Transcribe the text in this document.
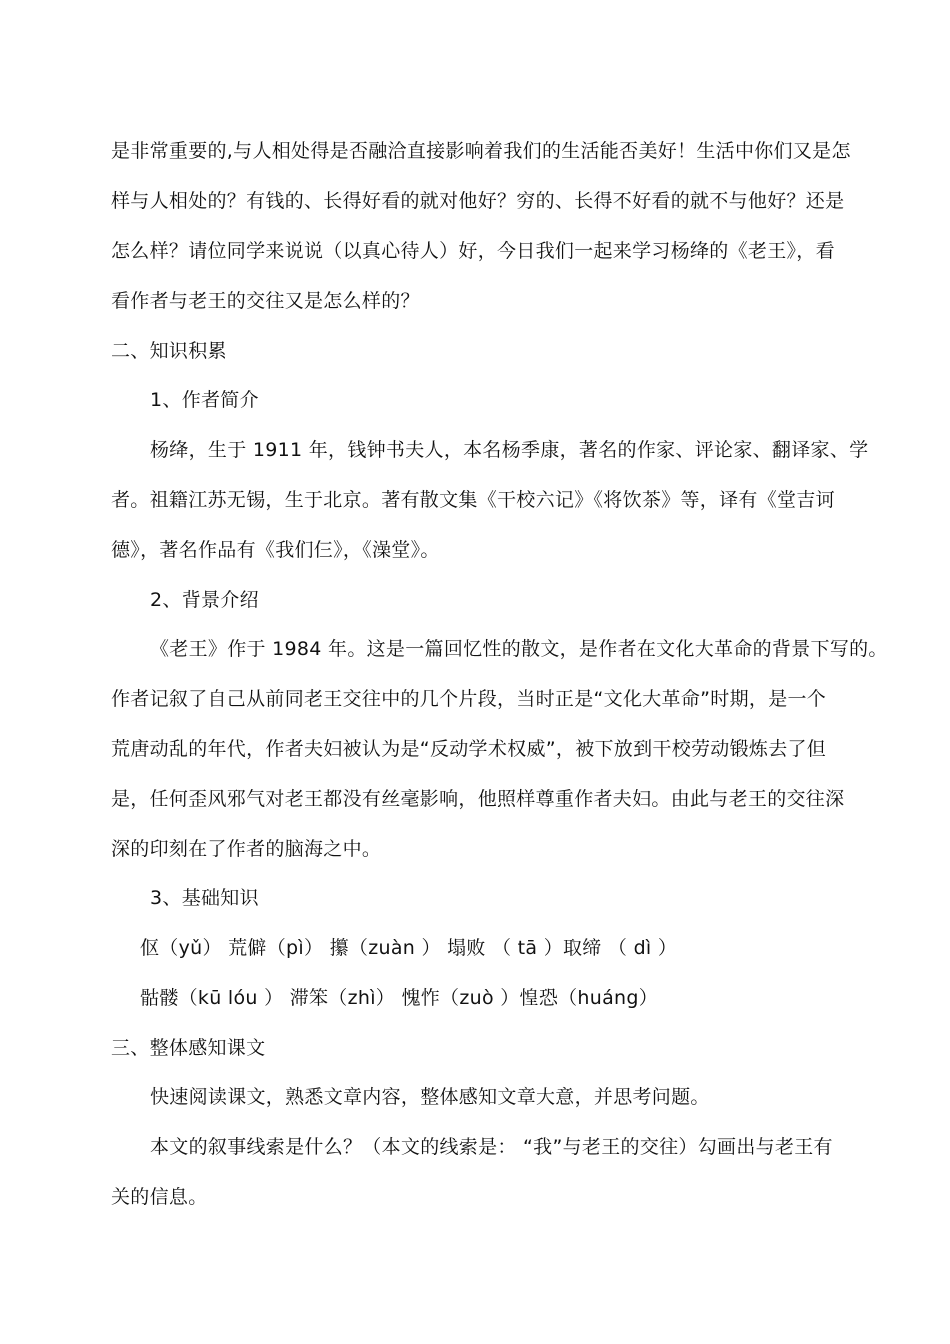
是非常重要的,与人相处得是否融洽直接影响着我们的生活能否美好！生活中你们又是怎
样与人相处的？有钱的、长得好看的就对他好？穷的、长得不好看的就不与他好？还是
怎么样？请位同学来说说（以真心待人）好，今日我们一起来学习杨绛的《老王》，看
看作者与老王的交往又是怎么样的？
二、知识积累
1、作者简介
杨绛，生于 1911 年，钱钟书夫人，本名杨季康，著名的作家、评论家、翻译家、学
者。祖籍江苏无锡，生于北京。著有散文集《干校六记》《将饮茶》等，译有《堂吉诃
德》，著名作品有《我们仨》，《澡堂》。
2、背景介绍
《老王》作于 1984 年。这是一篇回忆性的散文，是作者在文化大革命的背景下写的。
作者记叙了自己从前同老王交往中的几个片段，当时正是“文化大革命”时期，是一个
荒唐动乱的年代，作者夫妇被认为是“反动学术权威”，被下放到干校劳动锻炼去了但
是，任何歪风邪气对老王都没有丝毫影响，他照样尊重作者夫妇。由此与老王的交往深
深的印刻在了作者的脑海之中。
3、基础知识
伛（yǔ） 荒僻（pì） 攥（zuàn ） 塌败 （ tā ）取缔 （ dì ）
骷髅（kū lóu ） 滞笨（zhì） 愧怍（zuò ）惶恐（huáng）
三、整体感知课文
快速阅读课文，熟悉文章内容，整体感知文章大意，并思考问题。
本文的叙事线索是什么？（本文的线索是： “我”与老王的交往）勾画出与老王有
关的信息。
